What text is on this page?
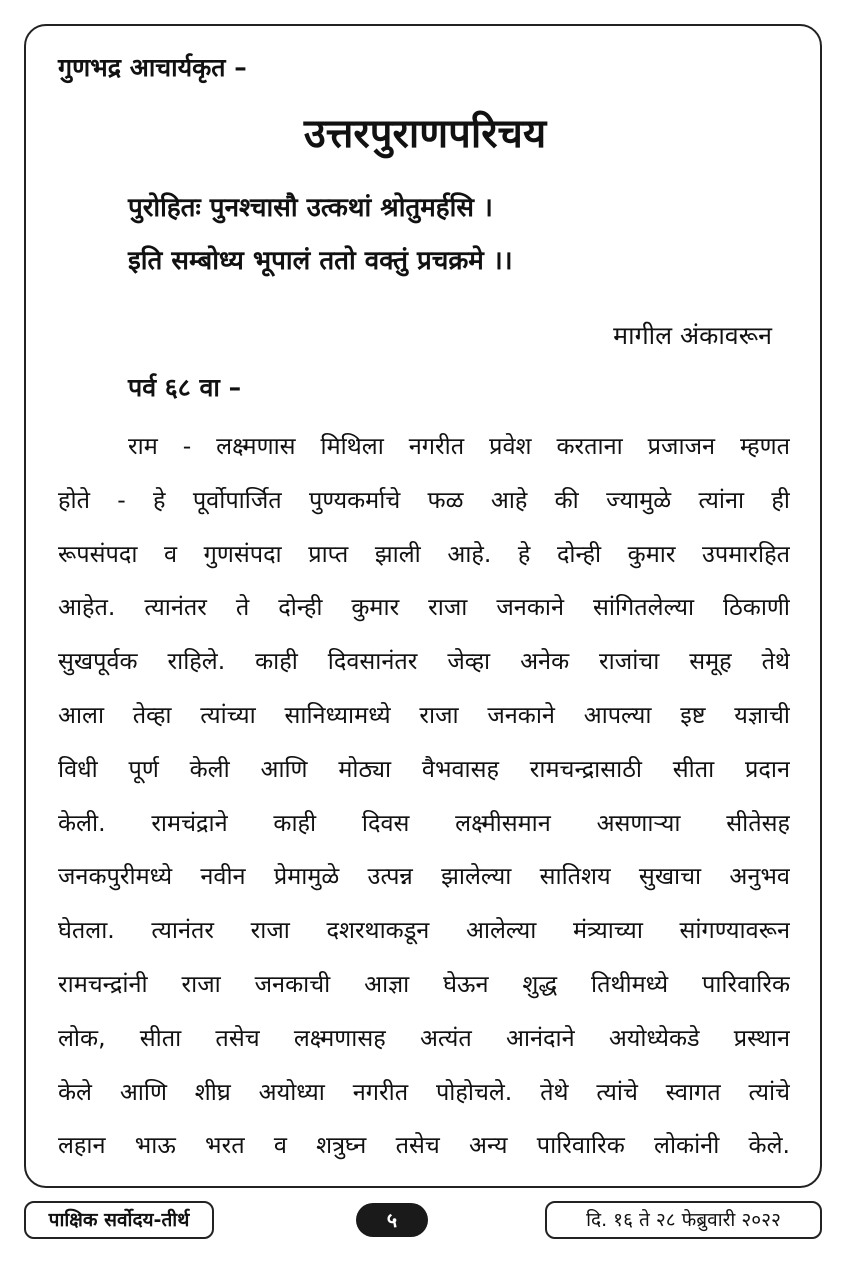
गुणभद्र आचार्यकृत –
उत्तरपुराणपरिचय
पुरोहितः पुनश्चासौ उत्कथां श्रोतुमर्हसि ।
इति सम्बोध्य भूपालं ततो वक्तुं प्रचक्रमे ।।
मागील अंकावरून
पर्व ६८ वा –
राम - लक्ष्मणास मिथिला नगरीत प्रवेश करताना प्रजाजन म्हणत
होते - हे पूर्वोपार्जित पुण्यकर्माचे फळ आहे की ज्यामुळे त्यांना ही
रूपसंपदा व गुणसंपदा प्राप्त झाली आहे. हे दोन्ही कुमार उपमारहित
आहेत. त्यानंतर ते दोन्ही कुमार राजा जनकाने सांगितलेल्या ठिकाणी
सुखपूर्वक राहिले. काही दिवसानंतर जेव्हा अनेक राजांचा समूह तेथे
आला तेव्हा त्यांच्या सानिध्यामध्ये राजा जनकाने आपल्या इष्ट यज्ञाची
विधी पूर्ण केली आणि मोठ्या वैभवासह रामचन्द्रासाठी सीता प्रदान
केली. रामचंद्राने काही दिवस लक्ष्मीसमान असणाऱ्या सीतेसह
जनकपुरीमध्ये नवीन प्रेमामुळे उत्पन्न झालेल्या सातिशय सुखाचा अनुभव
घेतला. त्यानंतर राजा दशरथाकडून आलेल्या मंत्र्याच्या सांगण्यावरून
रामचन्द्रांनी राजा जनकाची आज्ञा घेऊन शुद्ध तिथीमध्ये पारिवारिक
लोक, सीता तसेच लक्ष्मणासह अत्यंत आनंदाने अयोध्येकडे प्रस्थान
केले आणि शीघ्र अयोध्या नगरीत पोहोचले. तेथे त्यांचे स्वागत त्यांचे
लहान भाऊ भरत व शत्रुघ्न तसेच अन्य पारिवारिक लोकांनी केले.
पाक्षिक सर्वोदय-तीर्थ	५	दि. १६ ते २८ फेब्रुवारी २०२२
